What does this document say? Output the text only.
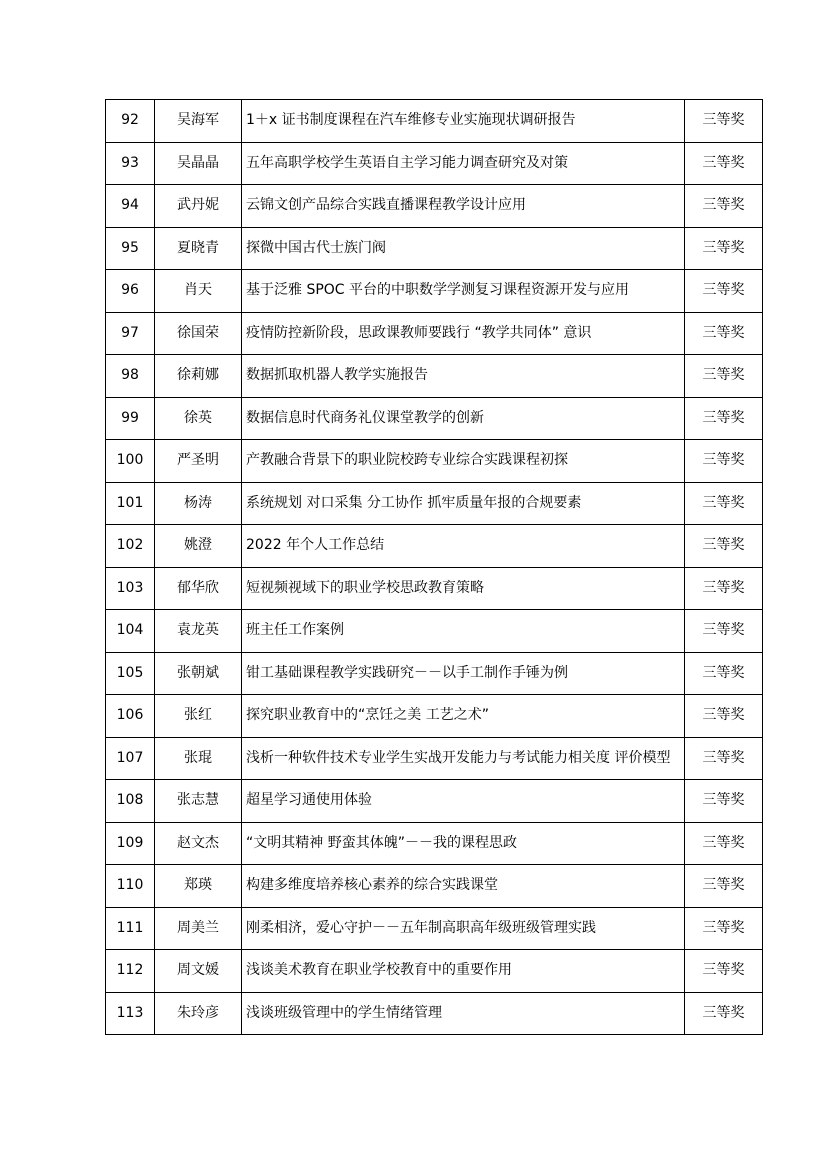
92	吴海军	1＋x 证书制度课程在汽车维修专业实施现状调研报告	三等奖
93	吴晶晶	五年高职学校学生英语自主学习能力调查研究及对策	三等奖
94	武丹妮	云锦文创产品综合实践直播课程教学设计应用	三等奖
95	夏晓青	探微中国古代士族门阀	三等奖
96	肖天	基于泛雅 SPOC 平台的中职数学学测复习课程资源开发与应用	三等奖
97	徐国荣	疫情防控新阶段，思政课教师要践行 “教学共同体” 意识	三等奖
98	徐莉娜	数据抓取机器人教学实施报告	三等奖
99	徐英	数据信息时代商务礼仪课堂教学的创新	三等奖
100	严圣明	产教融合背景下的职业院校跨专业综合实践课程初探	三等奖
101	杨涛	系统规划 对口采集 分工协作 抓牢质量年报的合规要素	三等奖
102	姚澄	2022 年个人工作总结	三等奖
103	郁华欣	短视频视域下的职业学校思政教育策略	三等奖
104	袁龙英	班主任工作案例	三等奖
105	张朝斌	钳工基础课程教学实践研究－－以手工制作手锤为例	三等奖
106	张红	探究职业教育中的“烹饪之美 工艺之术”	三等奖
107	张琨	浅析一种软件技术专业学生实战开发能力与考试能力相关度 评价模型	三等奖
108	张志慧	超星学习通使用体验	三等奖
109	赵文杰	“文明其精神 野蛮其体魄”－－我的课程思政	三等奖
110	郑瑛	构建多维度培养核心素养的综合实践课堂	三等奖
111	周美兰	刚柔相济，爱心守护－－五年制高职高年级班级管理实践	三等奖
112	周文媛	浅谈美术教育在职业学校教育中的重要作用	三等奖
113	朱玲彦	浅谈班级管理中的学生情绪管理	三等奖
